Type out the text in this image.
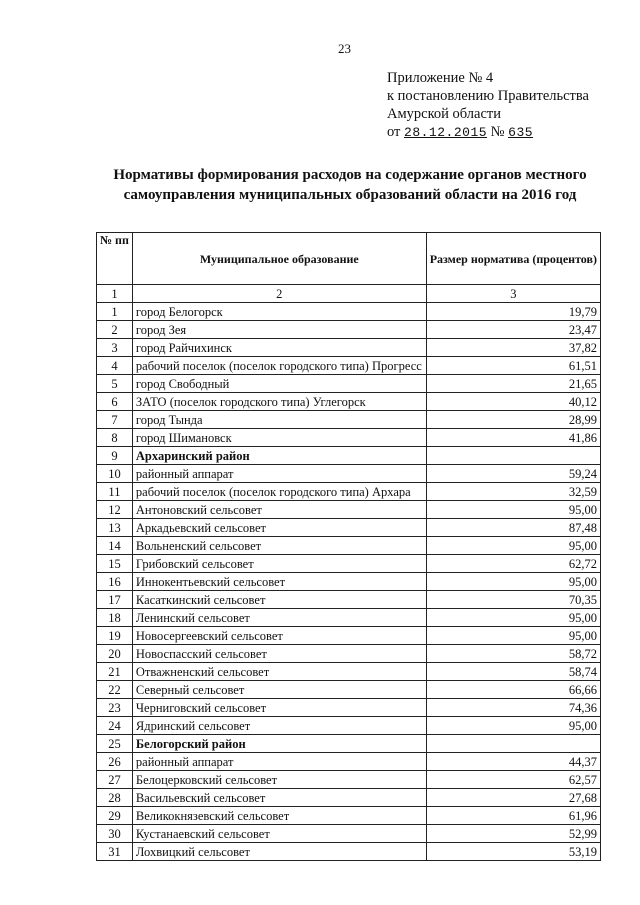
23
Приложение № 4
к постановлению Правительства
Амурской области
от 28.12.2015 № 635
Нормативы формирования расходов на содержание органов местного самоуправления муниципальных образований области на 2016 год
№ пп	Муниципальное образование	Размер норматива (процентов)
1	2	3
1	город Белогорск	19,79
2	город Зея	23,47
3	город Райчихинск	37,82
4	рабочий поселок (поселок городского типа) Прогресс	61,51
5	город Свободный	21,65
6	ЗАТО (поселок городского типа) Углегорск	40,12
7	город Тында	28,99
8	город Шимановск	41,86
9	Архаринский район	
10	районный аппарат	59,24
11	рабочий поселок (поселок городского типа) Архара	32,59
12	Антоновский сельсовет	95,00
13	Аркадьевский сельсовет	87,48
14	Вольненский сельсовет	95,00
15	Грибовский сельсовет	62,72
16	Иннокентьевский сельсовет	95,00
17	Касаткинский сельсовет	70,35
18	Ленинский сельсовет	95,00
19	Новосергеевский сельсовет	95,00
20	Новоспасский сельсовет	58,72
21	Отважненский сельсовет	58,74
22	Северный сельсовет	66,66
23	Черниговский сельсовет	74,36
24	Ядринский сельсовет	95,00
25	Белогорский район	
26	районный аппарат	44,37
27	Белоцерковский сельсовет	62,57
28	Васильевский сельсовет	27,68
29	Великокнязевский сельсовет	61,96
30	Кустанаевский сельсовет	52,99
31	Лохвицкий сельсовет	53,19
